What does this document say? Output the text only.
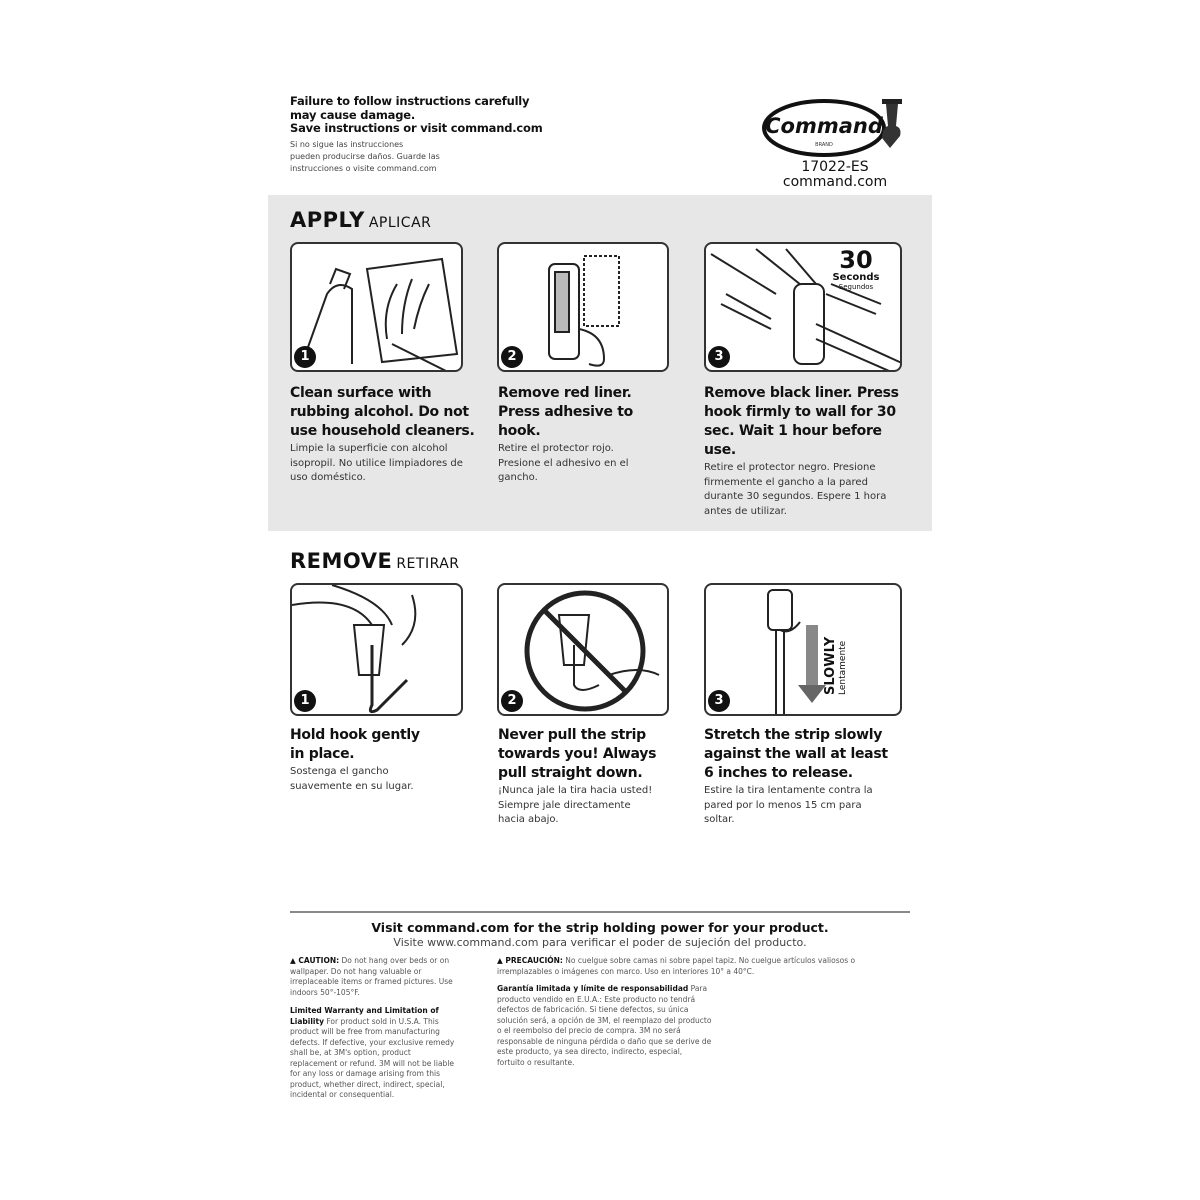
Failure to follow instructions carefully
may cause damage.
Save instructions or visit command.com
Si no sigue las instrucciones
pueden producirse daños. Guarde las
instrucciones o visite command.com
Command
BRAND
17022-ES
command.com
APPLY APLICAR
1	2
30
Seconds
Segundos
3
Clean surface with rubbing alcohol. Do not use household cleaners.
Limpie la superficie con alcohol isopropil. No utilice limpiadores de uso doméstico.
Remove red liner. Press adhesive to hook.
Retire el protector rojo. Presione el adhesivo en el gancho.
Remove black liner. Press hook firmly to wall for 30 sec. Wait 1 hour before use.
Retire el protector negro. Presione firmemente el gancho a la pared durante 30 segundos. Espere 1 hora antes de utilizar.
REMOVE RETIRAR
1	2
SLOWLY Lentamente
3
Hold hook gently in place.
Sostenga el gancho suavemente en su lugar.
Never pull the strip towards you! Always pull straight down.
¡Nunca jale la tira hacia usted! Siempre jale directamente hacia abajo.
Stretch the strip slowly against the wall at least 6 inches to release.
Estire la tira lentamente contra la pared por lo menos 15 cm para soltar.
Visit command.com for the strip holding power for your product.
Visite www.command.com para verificar el poder de sujeción del producto.
▲ CAUTION: Do not hang over beds or on wallpaper. Do not hang valuable or irreplaceable items or framed pictures. Use indoors 50°-105°F.
Limited Warranty and Limitation of Liability For product sold in U.S.A. This product will be free from manufacturing defects. If defective, your exclusive remedy shall be, at 3M's option, product replacement or refund. 3M will not be liable for any loss or damage arising from this product, whether direct, indirect, special, incidental or consequential.
▲ PRECAUCIÓN: No cuelgue sobre camas ni sobre papel tapiz. No cuelgue artículos valiosos o irremplazables o imágenes con marco. Uso en interiores 10° a 40°C.
Garantía limitada y límite de responsabilidad Para producto vendido en E.U.A.: Este producto no tendrá defectos de fabricación. Si tiene defectos, su única solución será, a opción de 3M, el reemplazo del producto o el reembolso del precio de compra. 3M no será responsable de ninguna pérdida o daño que se derive de este producto, ya sea directo, indirecto, especial, fortuito o resultante.
